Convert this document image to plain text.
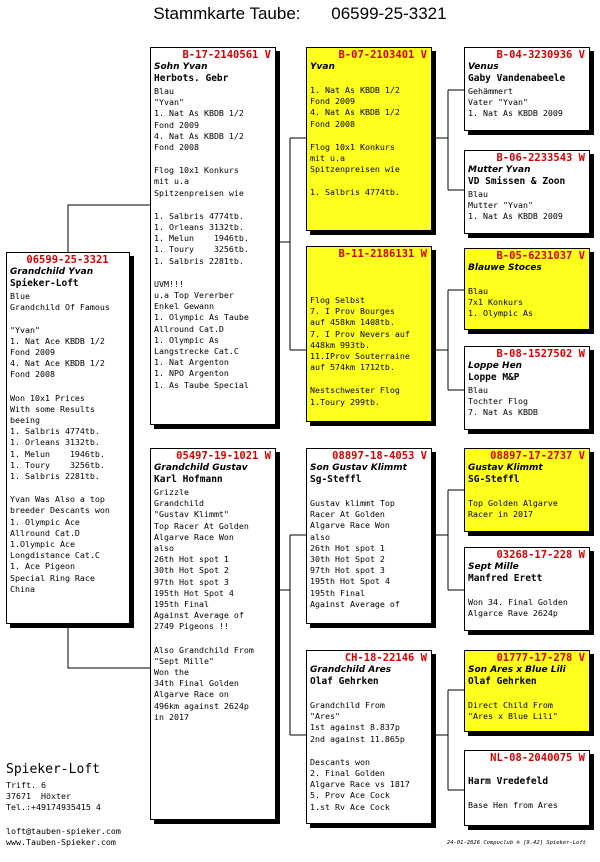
Stammkarte Taube: 06599-25-3321
06599-25-3321
Grandchild Yvan
Spieker-Loft
Blue
Grandchild Of Famous

"Yvan"
1. Nat Ace KBDB 1/2
Fond 2009
4. Nat Ace KBDB 1/2
Fond 2008
Won 10x1 Prices
With some Results
beeing
1. Salbris 4774tb.
1. Orleans 3132tb.
1. Melun    1946tb.
1. Toury    3256tb.
1. Salbris 2281tb.
Yvan Was Also a top
breeder Descants won
1. Olympic Ace
Allround Cat.D
1.Olympic Ace
Longdistance Cat.C
1. Ace Pigeon
Special Ring Race
China
B-17-2140561 V
Sohn Yvan
Herbots. Gebr
Blau
"Yvan"
1. Nat As KBDB 1/2
Fond 2009
4. Nat As KBDB 1/2
Fond 2008
Flog 10x1 Konkurs
mit u.a
Spitzenpreisen wie
1. Salbris 4774tb.
1. Orleans 3132tb.
1. Melun    1946tb.
1. Toury    3256tb.
1. Salbris 2281tb.
UVM!!!
u.a Top Vererber
Enkel Gewann
1. Olympic As Taube
Allround Cat.D
1. Olympic As
Langstrecke Cat.C
1. Nat Argenton
1. NPO Argenton
1. As Taube Special
05497-19-1021 W
Grandchild Gustav
Karl Hofmann
Grizzle
Grandchild
"Gustav Klimmt"
Top Racer At Golden
Algarve Race Won
also
26th Hot spot 1
30th Hot Spot 2
97th Hot spot 3
195th Hot Spot 4
195th Final
Against Average of
2749 Pigeons !!
Also Grandchild From
"Sept Mille"
Won the
34th Final Golden
Algarve Race on
496km against 2624p
in 2017
B-07-2103401 V
Yvan
1. Nat As KBDB 1/2
Fond 2009
4. Nat As KBDB 1/2
Fond 2008
Flog 10x1 Konkurs
mit u.a
Spitzenpreisen wie
1. Salbris 4774tb.
B-11-2186131 W
Flog Selbst
7. I Prov Bourges
auf 458km 1408tb.
7. I Prov Nevers auf
448km 993tb.
11.IProv Souterraine
auf 574km 1712tb.
Nestschwester Flog
1.Toury 299tb.
08897-18-4053 V
Son Gustav Klimmt
Sg-Steffl
Gustav klimmt Top
Racer At Golden
Algarve Race Won
also
26th Hot spot 1
30th Hot Spot 2
97th Hot spot 3
195th Hot Spot 4
195th Final
Against Average of
CH-18-22146 W
Grandchild Ares
Olaf Gehrken
Grandchild From
"Ares"
1st against 8.837p
2nd against 11.865p
Descants won
2. Final Golden
Algarve Race vs 1817
5. Prov Ace Cock
1.st Rv Ace Cock
B-04-3230936 V
Venus
Gaby Vandenabeele
Gehämmert
Vater "Yvan"
1. Nat As KBDB 2009
B-06-2233543 W
Mutter Yvan
VD Smissen & Zoon
Blau
Mutter "Yvan"
1. Nat As KBDB 2009
B-05-6231037 V
Blauwe Stoces
Blau
7x1 Konkurs
1. Olympic As
B-08-1527502 W
Loppe Hen
Loppe M&P
Blau
Tochter Flog
7. Nat As KBDB
08897-17-2737 V
Gustav Klimmt
SG-Steffl
Top Golden Algarve
Racer in 2017
03268-17-228 W
Sept Mille
Manfred Erett
Won 34. Final Golden
Algarce Rave 2624p
01777-17-278 V
Son Ares x Blue Lili
Olaf Gehrken
Direct Child From
"Ares x Blue Lili"
NL-08-2040075 W
Harm Vredefeld
Base Hen from Ares
Spieker-Loft
Trift. 6
37671  Höxter
Tel.:+49174935415 4
loft@tauben-spieker.com
www.Tauben-Spieker.com	24-01-2026 Compuclub ® [9.42] Spieker-Loft
